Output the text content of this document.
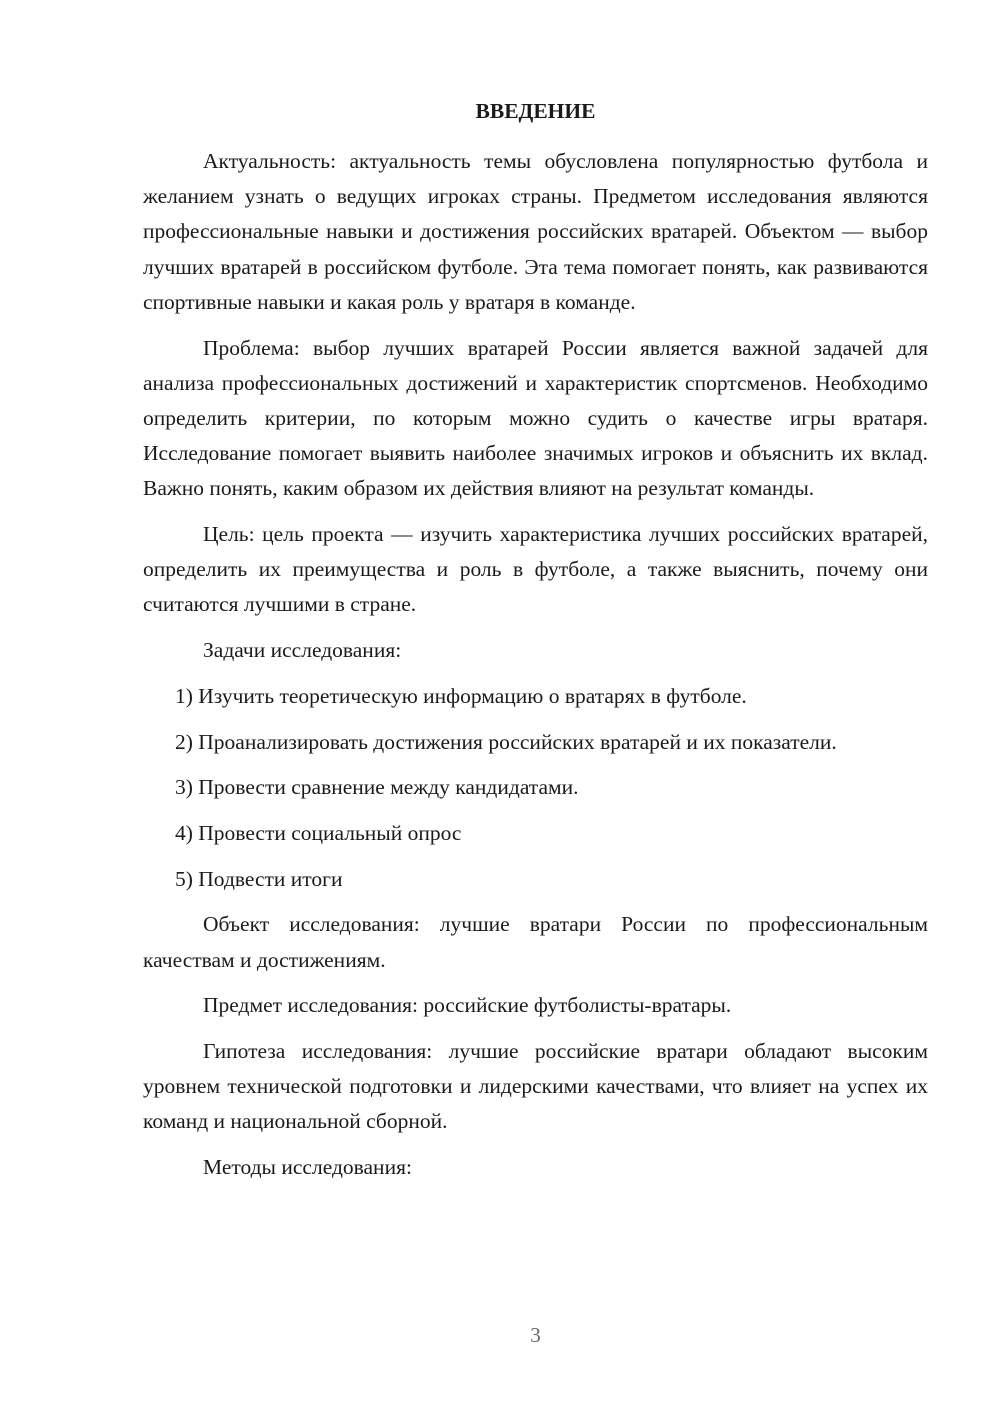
ВВЕДЕНИЕ

Актуальность: актуальность темы обусловлена популярностью футбола и желанием узнать о ведущих игроках страны. Предметом исследования являются профессиональные навыки и достижения российских вратарей. Объектом — выбор лучших вратарей в российском футболе. Эта тема помогает понять, как развиваются спортивные навыки и какая роль у вратаря в команде.

Проблема: выбор лучших вратарей России является важной задачей для анализа профессиональных достижений и характеристик спортсменов. Необходимо определить критерии, по которым можно судить о качестве игры вратаря. Исследование помогает выявить наиболее значимых игроков и объяснить их вклад. Важно понять, каким образом их действия влияют на результат команды.

Цель: цель проекта — изучить характеристика лучших российских вратарей, определить их преимущества и роль в футболе, а также выяснить, почему они считаются лучшими в стране.

Задачи исследования:

1) Изучить теоретическую информацию о вратарях в футболе.

2) Проанализировать достижения российских вратарей и их показатели.

3) Провести сравнение между кандидатами.

4) Провести социальный опрос

5) Подвести итоги

Объект исследования: лучшие вратари России по профессиональным качествам и достижениям.

Предмет исследования: российские футболисты-вратары.

Гипотеза исследования: лучшие российские вратари обладают высоким уровнем технической подготовки и лидерскими качествами, что влияет на успех их команд и национальной сборной.

Методы исследования:

3
